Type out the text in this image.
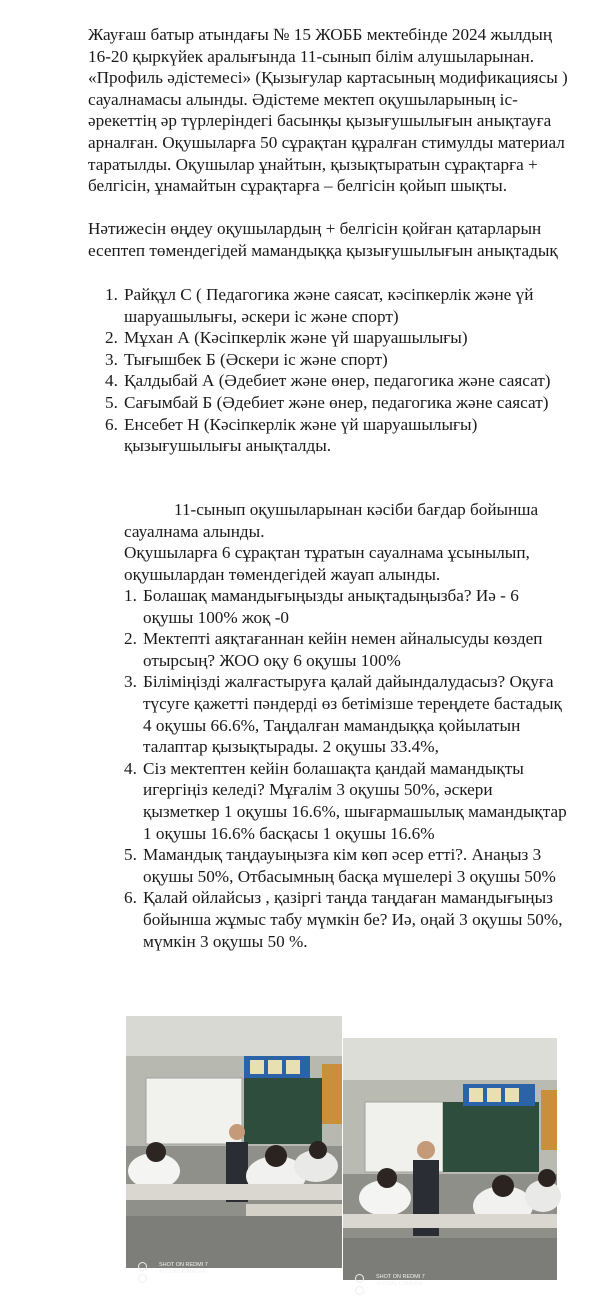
Жауғаш батыр атындағы № 15 ЖОББ мектебінде 2024 жылдың 16-20 қыркүйек аралығында 11-сынып білім алушыларынан. «Профиль әдістемесі» (Қызығулар картасының модификациясы ) сауалнамасы алынды. Әдістеме мектеп оқушыларының іс-әрекеттің әр түрлеріндегі басынқы қызығушылығын анықтауға арналған. Оқушыларға 50 сұрақтан құралған стимулды материал таратылды. Оқушылар ұнайтын, қызықтыратын сұрақтарға + белгісін, ұнамайтын сұрақтарға – белгісін қойып шықты.

Нәтижесін өңдеу оқушылардың + белгісін қойған қатарларын есептеп төмендегідей мамандыққа қызығушылығын анықтадық

1. Райқұл С ( Педагогика және саясат, кәсіпкерлік және үй шаруашылығы, әскери іс және спорт)
2. Мұхан А (Кәсіпкерлік және үй шаруашылығы)
3. Тығышбек Б (Әскери іс және спорт)
4. Қалдыбай А (Әдебиет және өнер, педагогика және саясат)
5. Сағымбай Б (Әдебиет және өнер, педагогика және саясат)
6. Енсебет Н (Кәсіпкерлік және үй шаруашылығы) қызығушылығы анықталды.

11-сынып оқушыларынан кәсіби бағдар бойынша сауалнама алынды.

Оқушыларға 6 сұрақтан тұратын сауалнама ұсынылып, оқушылардан төмендегідей жауап алынды.

1. Болашақ мамандығыңызды анықтадыңызба? Иә - 6 оқушы 100% жоқ -0
2. Мектепті аяқтағаннан кейін немен айналысуды көздеп отырсың? ЖОО оқу 6 оқушы 100%
3. Біліміңізді жалғастыруға қалай дайындалудасыз? Оқуға түсуге қажетті пәндерді өз бетімізше тереңдете бастадық 4 оқушы 66.6%, Таңдалған мамандыққа қойылатын талаптар қызықтырады. 2 оқушы 33.4%,
4. Сіз мектептен кейін болашақта қандай мамандықты игергіңіз келеді? Мұғалім 3 оқушы 50%, әскери қызметкер 1 оқушы 16.6%, шығармашылық мамандықтар 1 оқушы 16.6% басқасы 1 оқушы 16.6%
5. Мамандық таңдауыңызға кім көп әсер етті?. Анаңыз 3 оқушы 50%, Отбасымның басқа мүшелері 3 оқушы 50%
6. Қалай ойлайсыз , қазіргі таңда таңдаған мамандығыңыз бойынша жұмыс табу мүмкін бе? Иә, оңай 3 оқушы 50%, мүмкін 3 оқушы 50 %.
SHOT ON REDMI 7
AI DUAL CAMERA
SHOT ON REDMI 7
AI DUAL CAMERA
